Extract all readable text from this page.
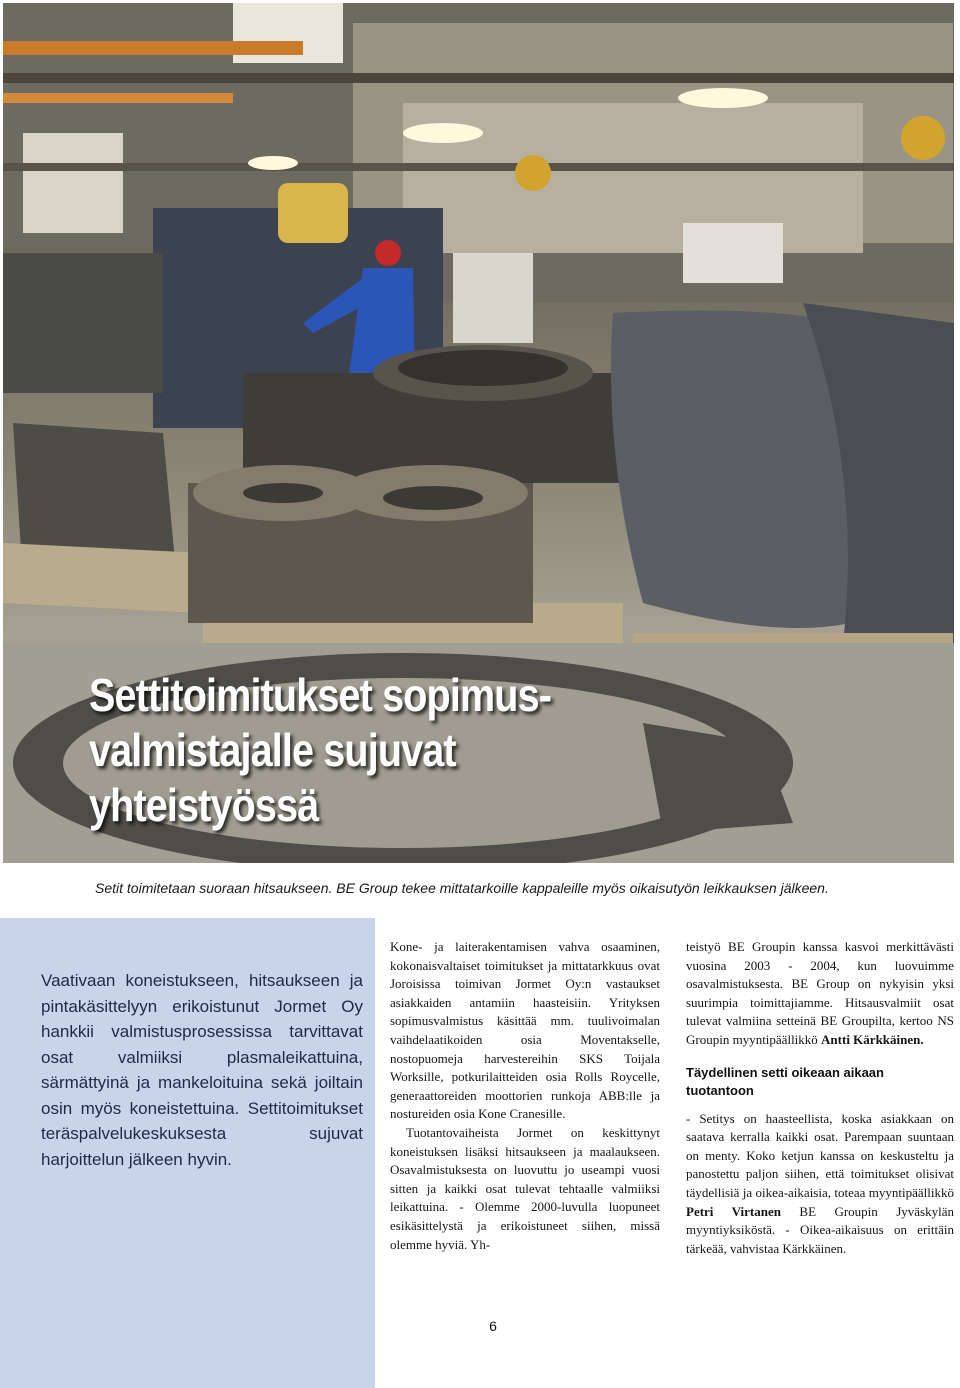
Settitoimitukset sopimus-valmistajalle sujuvat yhteistyössä

Setit toimitetaan suoraan hitsaukseen. BE Group tekee mittatarkoille kappaleille myös oikaisutyön leikkauksen jälkeen.

Vaativaan koneistukseen, hitsaukseen ja pintakäsittelyyn erikoistunut Jormet Oy hankkii valmistusprosessissa tarvittavat osat valmiiksi plasmaleikattuina, särmättyinä ja mankeloituina sekä joiltain osin myös koneistettuina. Settitoimitukset teräspalvelukeskuksesta sujuvat harjoittelun jälkeen hyvin.

Kone- ja laiterakentamisen vahva osaaminen, kokonaisvaltaiset toimitukset ja mittatarkkuus ovat Joroisissa toimivan Jormet Oy:n vastaukset asiakkaiden antamiin haasteisiin. Yrityksen sopimusvalmistus käsittää mm. tuulivoimalan vaihdelaatikoiden osia Moventakselle, nostopuomeja harvestereihin SKS Toijala Worksille, potkurilaitteiden osia Rolls Roycelle, generaattoreiden moottorien runkoja ABB:lle ja nostureiden osia Kone Cranesille.

Tuotantovaiheista Jormet on keskittynyt koneistuksen lisäksi hitsaukseen ja maalaukseen. Osavalmistuksesta on luovuttu jo useampi vuosi sitten ja kaikki osat tulevat tehtaalle valmiiksi leikattuina. - Olemme 2000-luvulla luopuneet esikäsittelystä ja erikoistuneet siihen, missä olemme hyviä. Yh-

teistyö BE Groupin kanssa kasvoi merkittävästi vuosina 2003 - 2004, kun luovuimme osavalmistuksesta. BE Group on nykyisin yksi suurimpia toimittajiamme. Hitsausvalmiit osat tulevat valmiina setteinä BE Groupilta, kertoo NS Groupin myyntipäällikkö Antti Kärkkäinen.

Täydellinen setti oikeaan aikaan tuotantoon

- Setitys on haasteellista, koska asiakkaan on saatava kerralla kaikki osat. Parempaan suuntaan on menty. Koko ketjun kanssa on keskusteltu ja panostettu paljon siihen, että toimitukset olisivat täydellisiä ja oikea-aikaisia, toteaa myyntipäällikkö Petri Virtanen BE Groupin Jyväskylän myyntiyksiköstä. - Oikea-aikaisuus on erittäin tärkeää, vahvistaa Kärkkäinen.

6
